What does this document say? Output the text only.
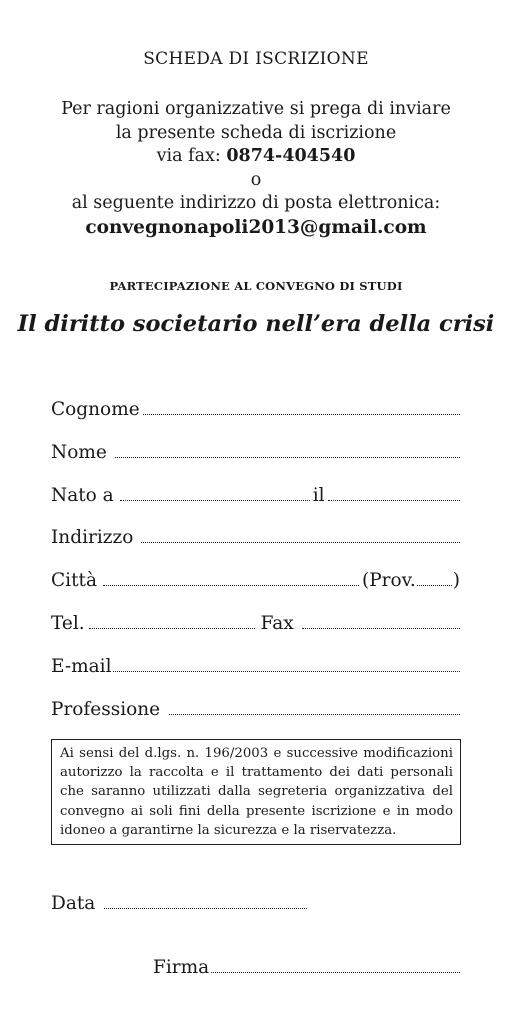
SCHEDA DI ISCRIZIONE
Per ragioni organizzative si prega di inviare
la presente scheda di iscrizione
via fax: 0874-404540
o
al seguente indirizzo di posta elettronica:
convegnonapoli2013@gmail.com
PARTECIPAZIONE AL CONVEGNO DI STUDI
Il diritto societario nell’era della crisi
Cognome
Nome
Nato a	il
Indirizzo
Città	(Prov. )
Tel.	Fax
E-mail
Professione
Ai sensi del d.lgs. n. 196/2003 e successive modificazioni autorizzo la raccolta e il trattamento dei dati personali che saranno utilizzati dalla segreteria organizzativa del convegno ai soli fini della presente iscrizione e in modo idoneo a garantirne la sicurezza e la riservatezza.
Data
Firma
